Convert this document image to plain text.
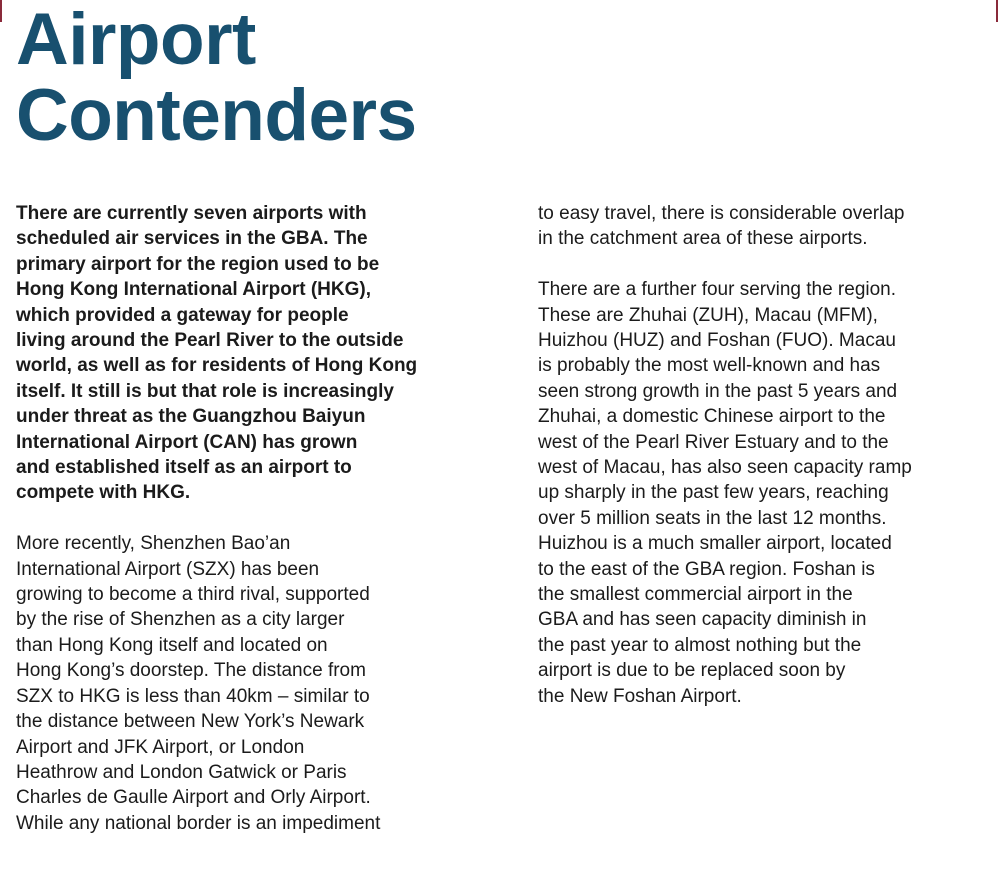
Airport
Contenders

There are currently seven airports with
scheduled air services in the GBA. The
primary airport for the region used to be
Hong Kong International Airport (HKG),
which provided a gateway for people
living around the Pearl River to the outside
world, as well as for residents of Hong Kong
itself. It still is but that role is increasingly
under threat as the Guangzhou Baiyun
International Airport (CAN) has grown
and established itself as an airport to
compete with HKG.

More recently, Shenzhen Bao’an
International Airport (SZX) has been
growing to become a third rival, supported
by the rise of Shenzhen as a city larger
than Hong Kong itself and located on
Hong Kong’s doorstep. The distance from
SZX to HKG is less than 40km – similar to
the distance between New York’s Newark
Airport and JFK Airport, or London
Heathrow and London Gatwick or Paris
Charles de Gaulle Airport and Orly Airport.
While any national border is an impediment

to easy travel, there is considerable overlap
in the catchment area of these airports.

There are a further four serving the region.
These are Zhuhai (ZUH), Macau (MFM),
Huizhou (HUZ) and Foshan (FUO). Macau
is probably the most well-known and has
seen strong growth in the past 5 years and
Zhuhai, a domestic Chinese airport to the
west of the Pearl River Estuary and to the
west of Macau, has also seen capacity ramp
up sharply in the past few years, reaching
over 5 million seats in the last 12 months.
Huizhou is a much smaller airport, located
to the east of the GBA region. Foshan is
the smallest commercial airport in the
GBA and has seen capacity diminish in
the past year to almost nothing but the
airport is due to be replaced soon by
the New Foshan Airport.
